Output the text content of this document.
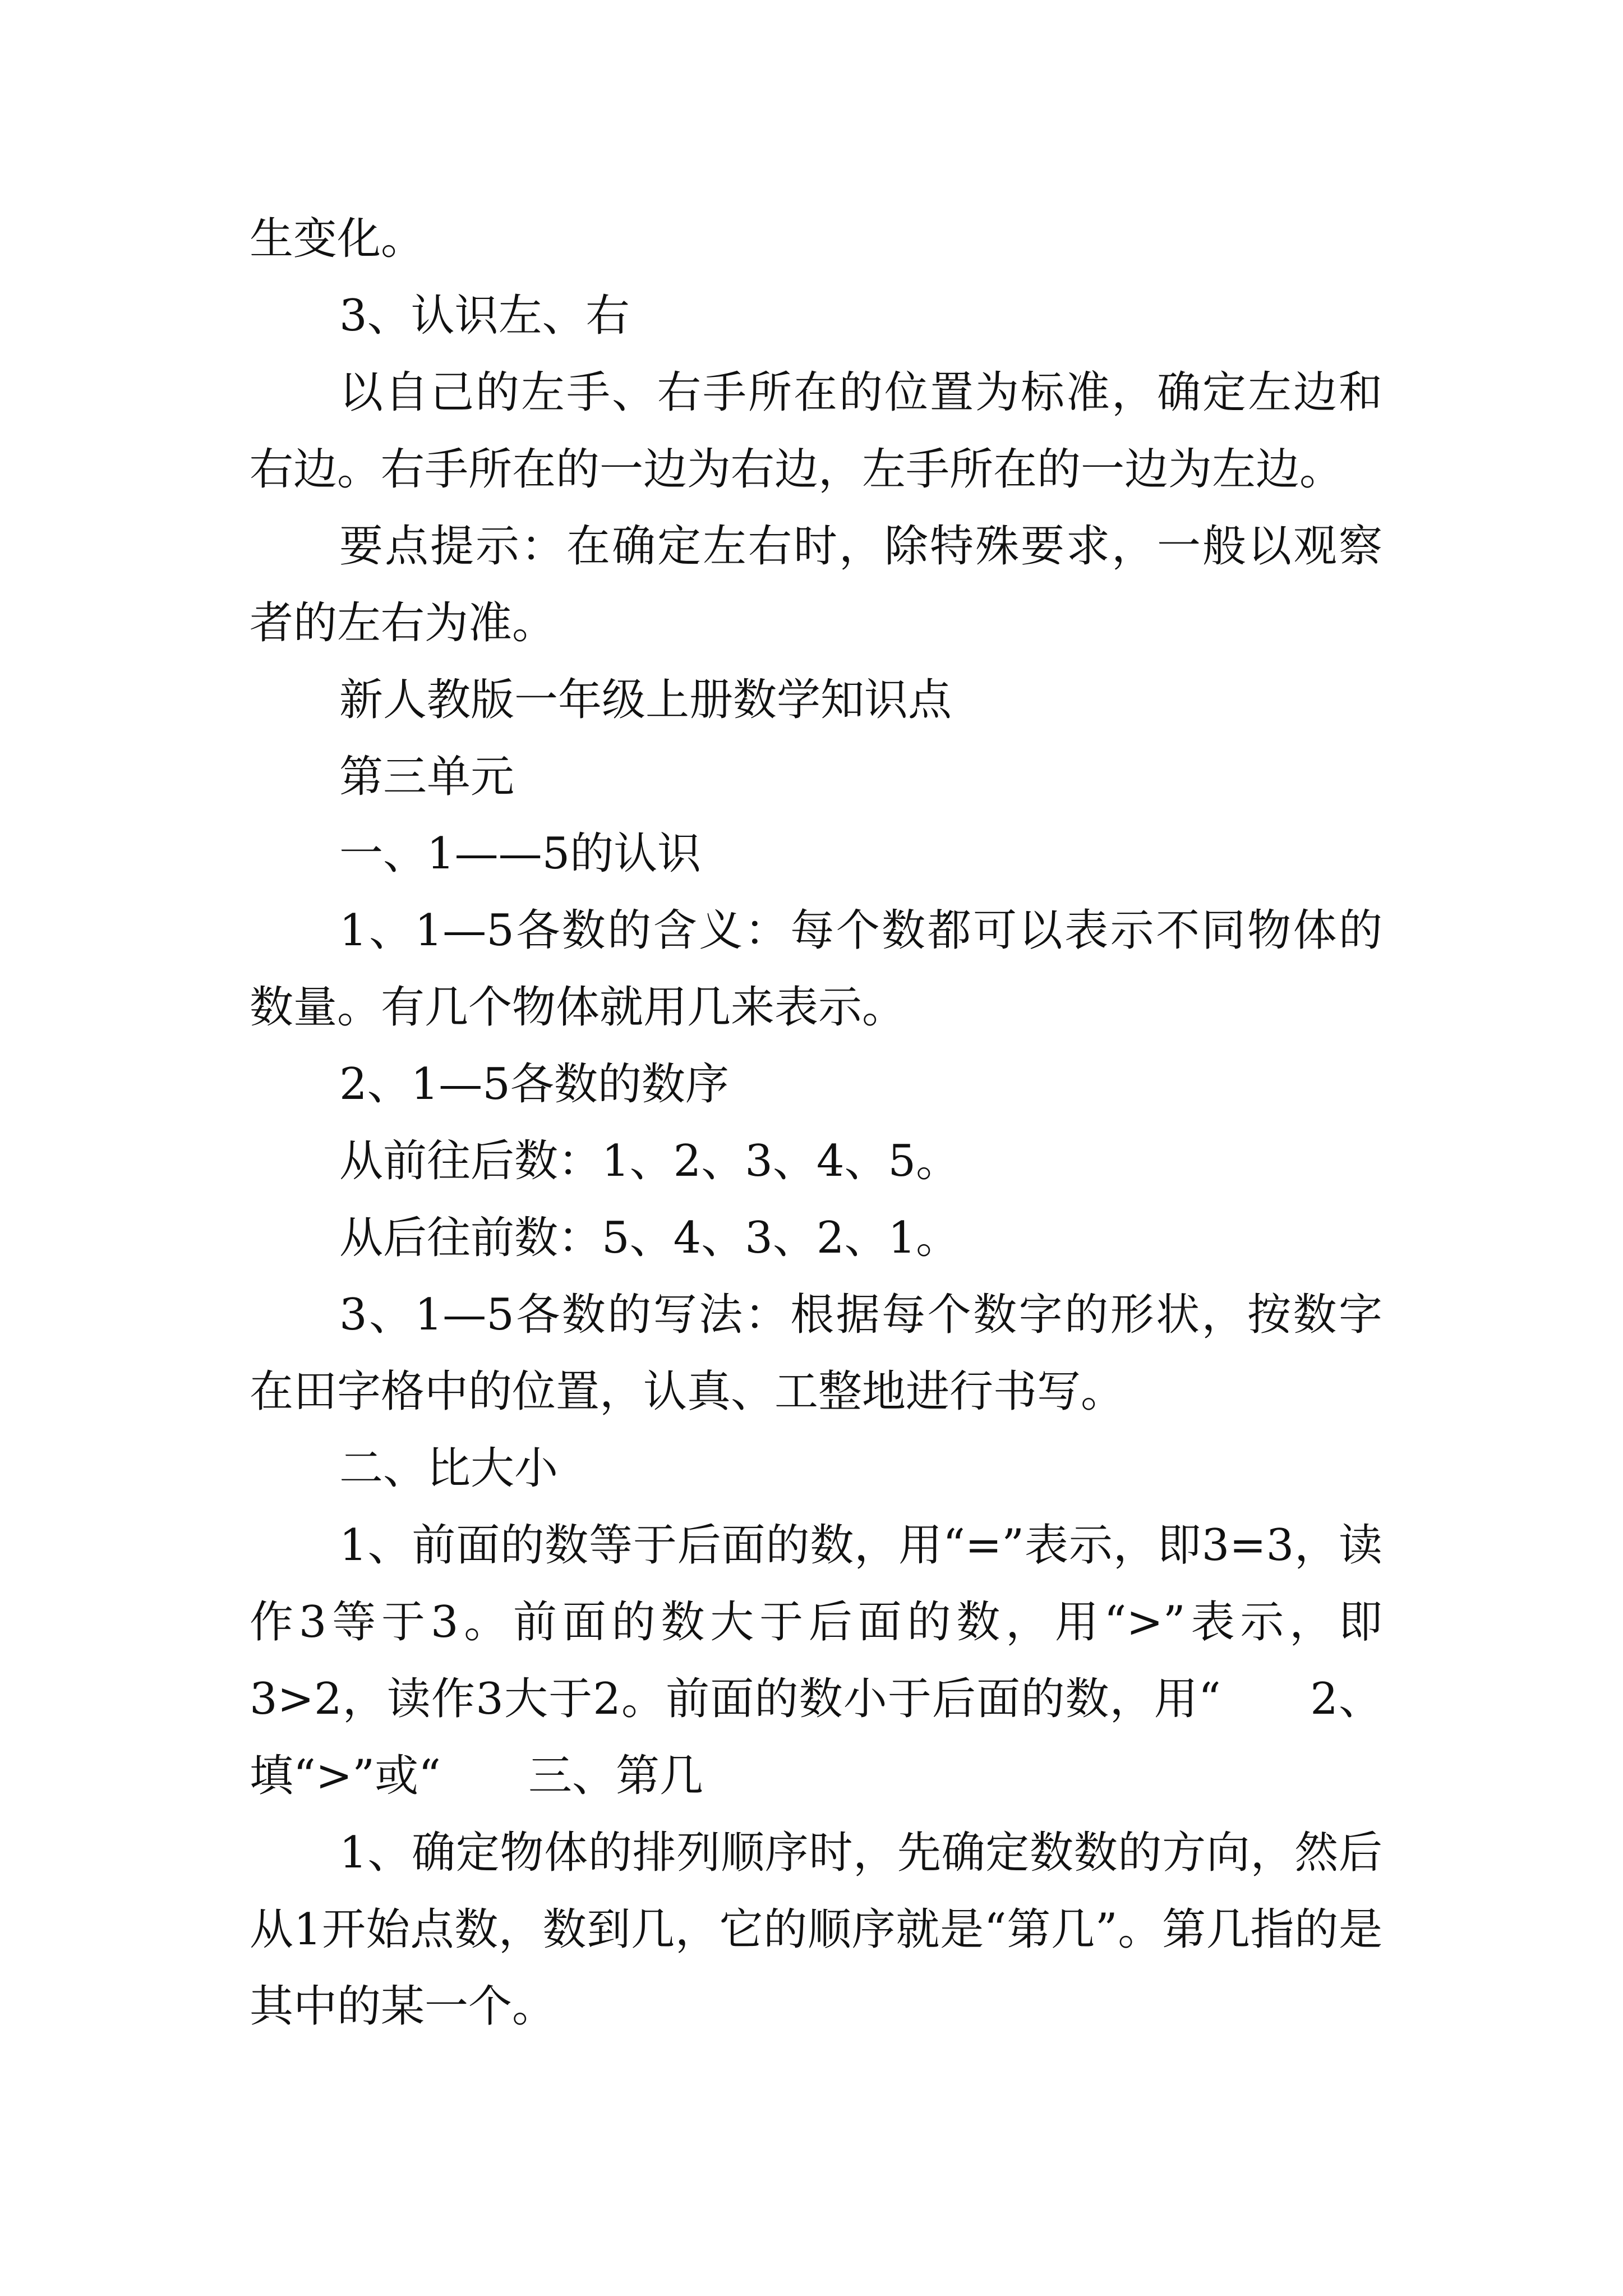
生变化。

3、认识左、右

以自己的左手、右手所在的位置为标准，确定左边和右边。右手所在的一边为右边，左手所在的一边为左边。

要点提示：在确定左右时，除特殊要求，一般以观察者的左右为准。

新人教版一年级上册数学知识点

第三单元

一、1——5的认识

1、1—5各数的含义：每个数都可以表示不同物体的数量。有几个物体就用几来表示。

2、1—5各数的数序

从前往后数：1、2、3、4、5。

从后往前数：5、4、3、2、1。

3、1—5各数的写法：根据每个数字的形状，按数字在田字格中的位置，认真、工整地进行书写。

二、比大小

1、前面的数等于后面的数，用“=”表示，即3=3，读作3等于3。前面的数大于后面的数，用“>”表示，即3>2，读作3大于2。前面的数小于后面的数，用“　　2、填“>”或“　　三、第几

1、确定物体的排列顺序时，先确定数数的方向，然后从1开始点数，数到几，它的顺序就是“第几”。第几指的是其中的某一个。
